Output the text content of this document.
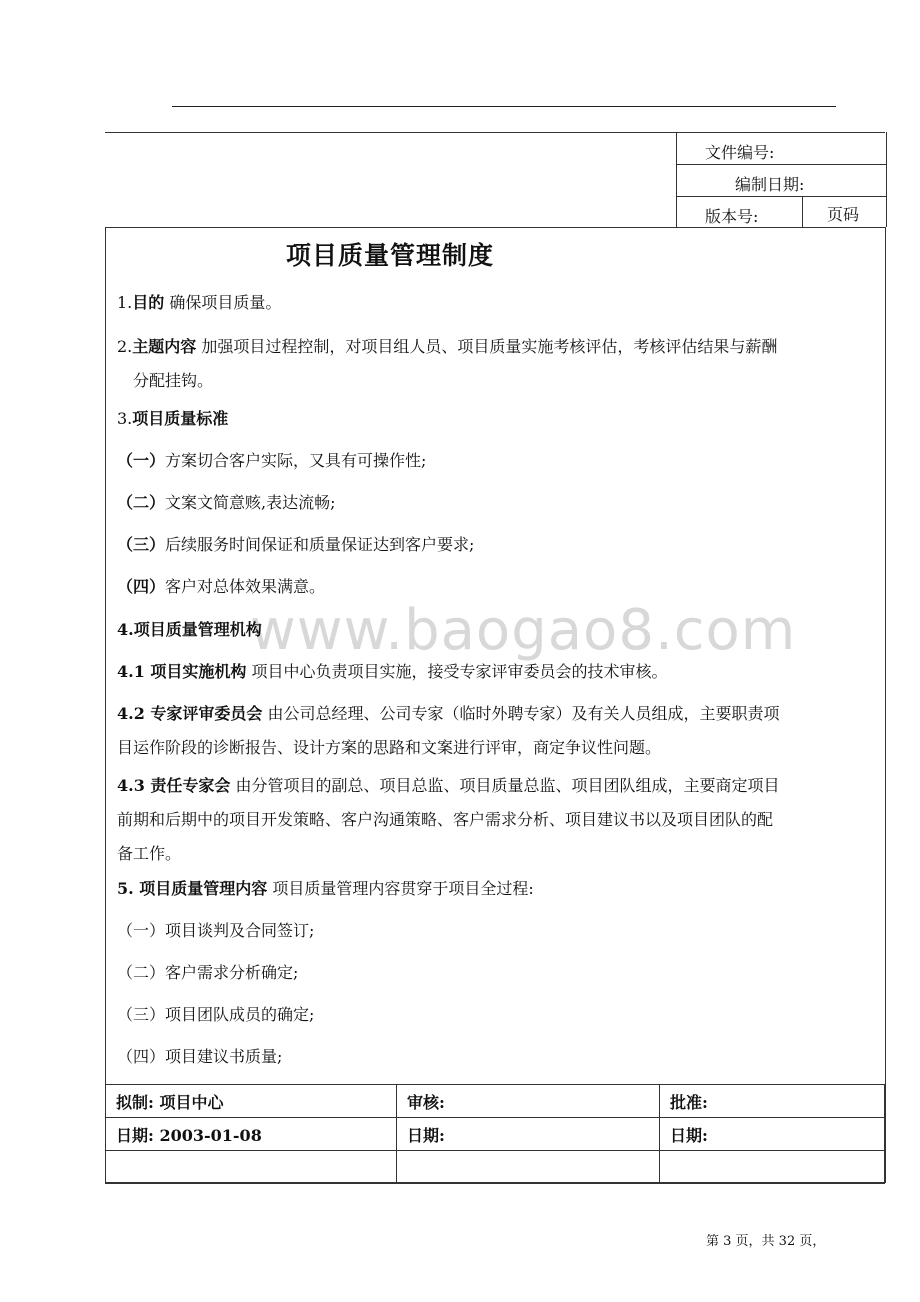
文件编号:
编制日期:
版本号:	页码
项目质量管理制度
www.baogao8.com
1.目的 确保项目质量。
2.主题内容 加强项目过程控制，对项目组人员、项目质量实施考核评估，考核评估结果与薪酬
分配挂钩。
3.项目质量标准
（一）方案切合客户实际，又具有可操作性;
（二）文案文简意赅,表达流畅;
（三）后续服务时间保证和质量保证达到客户要求;
（四）客户对总体效果满意。
4.项目质量管理机构
4.1 项目实施机构 项目中心负责项目实施，接受专家评审委员会的技术审核。
4.2 专家评审委员会 由公司总经理、公司专家（临时外聘专家）及有关人员组成，主要职责项
目运作阶段的诊断报告、设计方案的思路和文案进行评审，商定争议性问题。
4.3 责任专家会 由分管项目的副总、项目总监、项目质量总监、项目团队组成，主要商定项目
前期和后期中的项目开发策略、客户沟通策略、客户需求分析、项目建议书以及项目团队的配
备工作。
5. 项目质量管理内容 项目质量管理内容贯穿于项目全过程:
（一）项目谈判及合同签订;
（二）客户需求分析确定;
（三）项目团队成员的确定;
（四）项目建议书质量;
拟制: 项目中心	审核:	批准:
日期: 2003-01-08	日期:	日期:

第 3 页，共 32 页，
